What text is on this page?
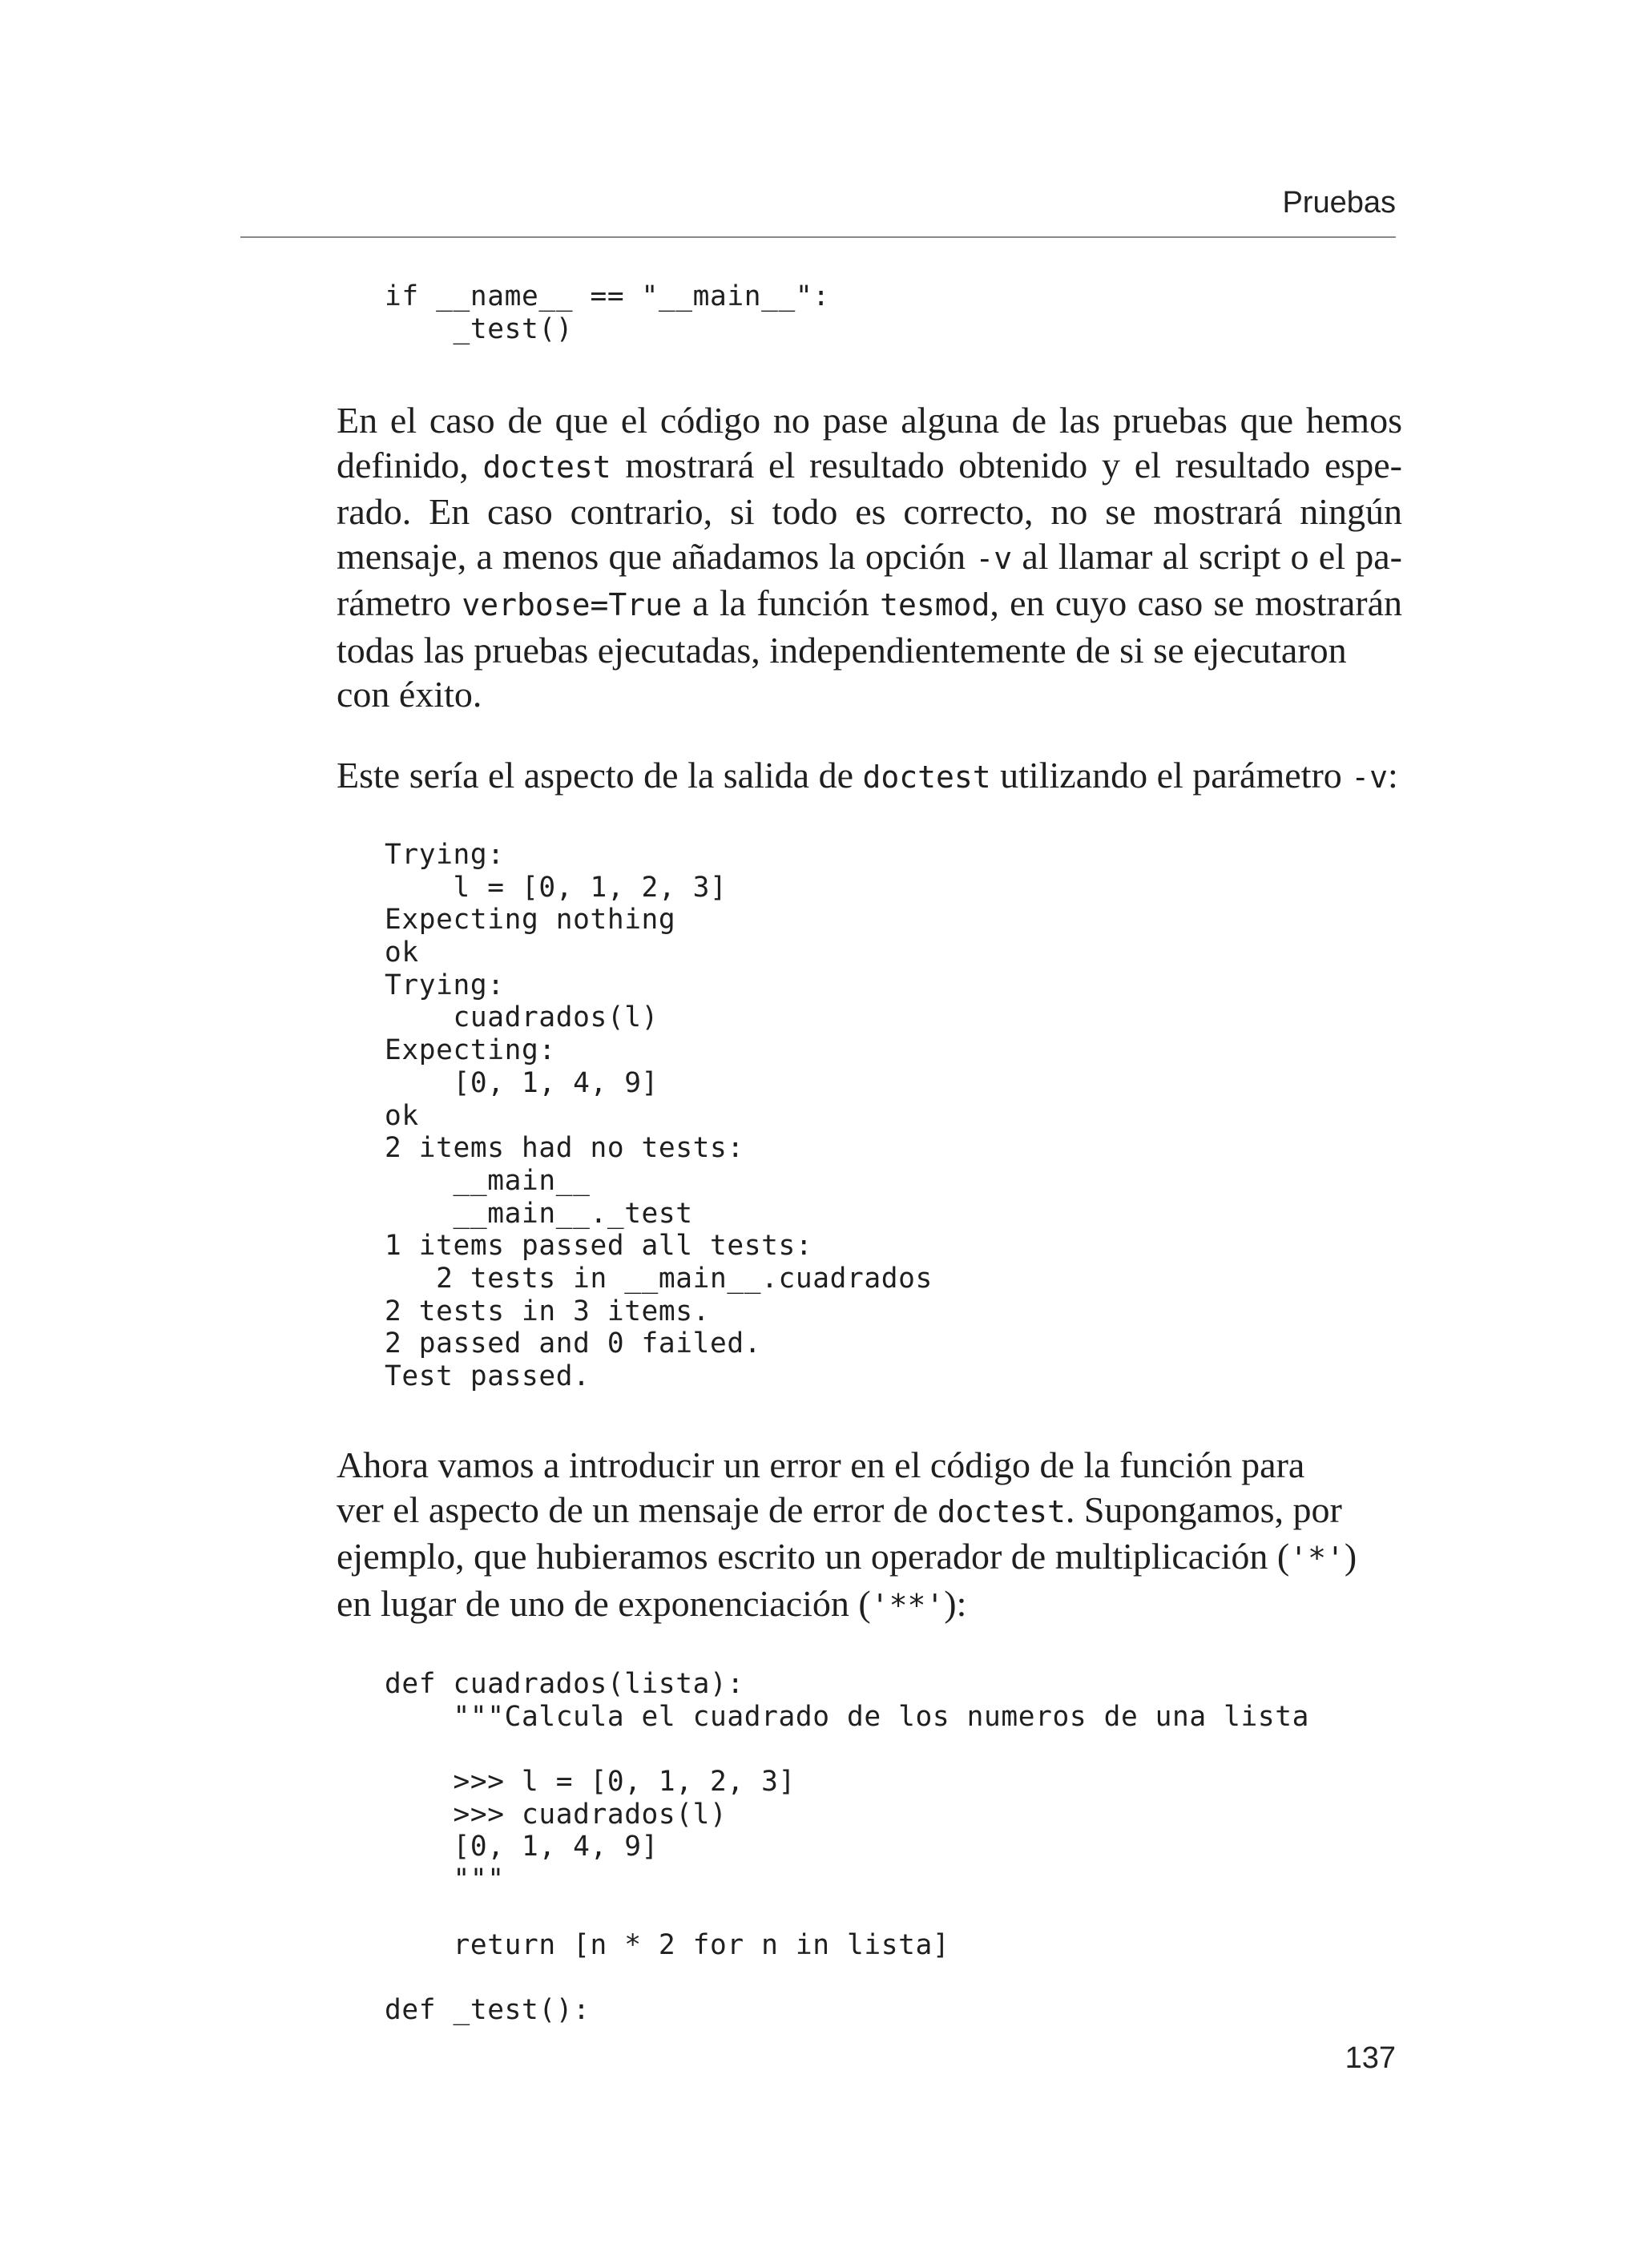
Pruebas
if __name__ == "__main__":
_test()
En el caso de que el código no pase alguna de las pruebas que hemos
definido, doctest mostrará el resultado obtenido y el resultado espe-
rado. En caso contrario, si todo es correcto, no se mostrará ningún
mensaje, a menos que añadamos la opción -v al llamar al script o el pa-
rámetro verbose=True a la función tesmod, en cuyo caso se mostrarán
todas las pruebas ejecutadas, independientemente de si se ejecutaron
con éxito.
Este sería el aspecto de la salida de doctest utilizando el parámetro -v:
Trying:
l = [0, 1, 2, 3]
Expecting nothing
ok
Trying:
cuadrados(l)
Expecting:
[0, 1, 4, 9]
ok
2 items had no tests:
__main__
__main__._test
1 items passed all tests:
2 tests in __main__.cuadrados
2 tests in 3 items.
2 passed and 0 failed.
Test passed.
Ahora vamos a introducir un error en el código de la función para
ver el aspecto de un mensaje de error de doctest. Supongamos, por
ejemplo, que hubieramos escrito un operador de multiplicación ('*')
en lugar de uno de exponenciación ('**'):
def cuadrados(lista):
"""Calcula el cuadrado de los numeros de una lista
>>> l = [0, 1, 2, 3]
>>> cuadrados(l)
[0, 1, 4, 9]
"""
return [n * 2 for n in lista]
def _test():
137
